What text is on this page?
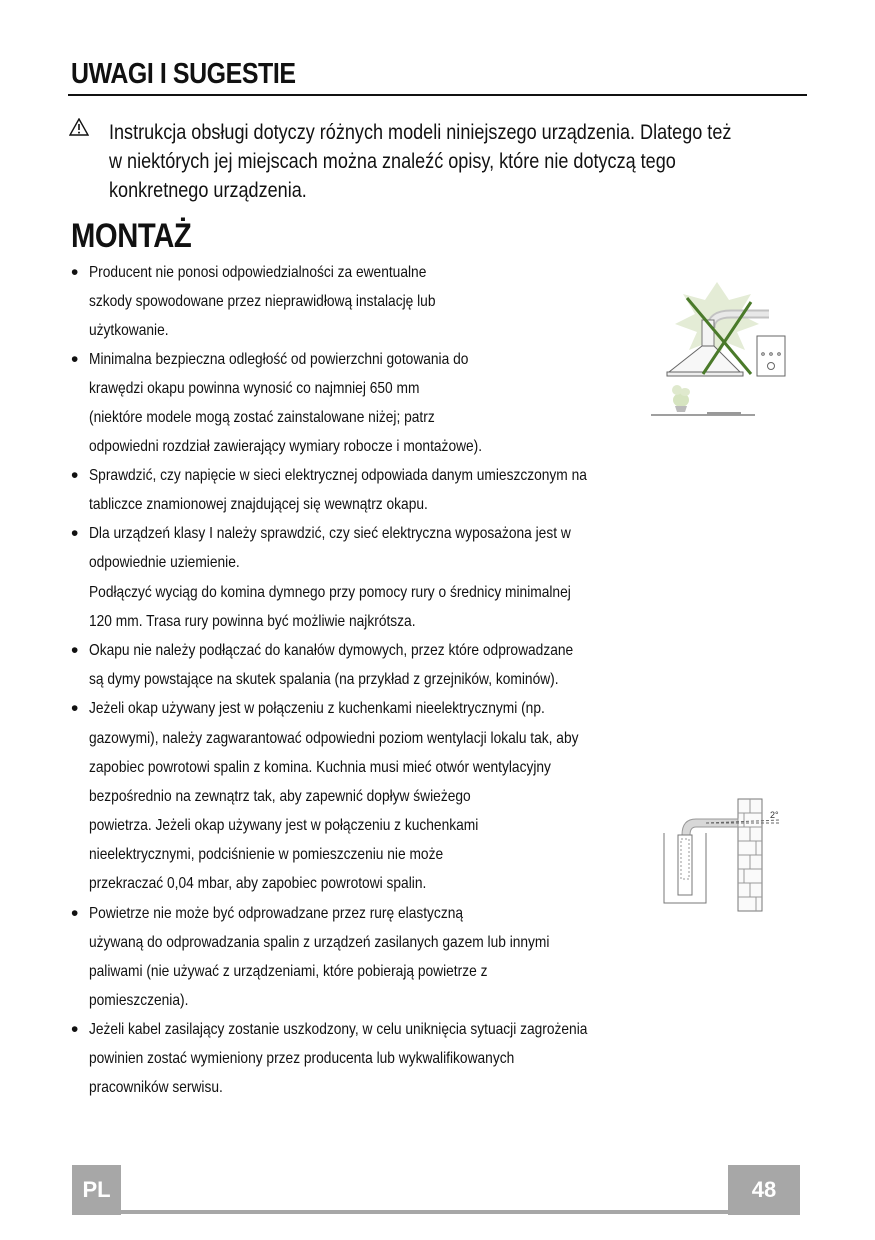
UWAGI I SUGESTIE
Instrukcja obsługi dotyczy różnych modeli niniejszego urządzenia. Dlatego też
w niektórych jej miejscach można znaleźć opisy, które nie dotyczą tego
konkretnego urządzenia.
MONTAŻ
•
•
•
•
•
•
•
•
Producent nie ponosi odpowiedzialności za ewentualne
szkody spowodowane przez nieprawidłową instalację lub
użytkowanie.
Minimalna bezpieczna odległość od powierzchni gotowania do
krawędzi okapu powinna wynosić co najmniej 650 mm
(niektóre modele mogą zostać zainstalowane niżej; patrz
odpowiedni rozdział zawierający wymiary robocze i montażowe).
Sprawdzić, czy napięcie w sieci elektrycznej odpowiada danym umieszczonym na
tabliczce znamionowej znajdującej się wewnątrz okapu.
Dla urządzeń klasy I należy sprawdzić, czy sieć elektryczna wyposażona jest w
odpowiednie uziemienie.
Podłączyć wyciąg do komina dymnego przy pomocy rury o średnicy minimalnej
120 mm. Trasa rury powinna być możliwie najkrótsza.
Okapu nie należy podłączać do kanałów dymowych, przez które odprowadzane
są dymy powstające na skutek spalania (na przykład z grzejników, kominów).
Jeżeli okap używany jest w połączeniu z kuchenkami nieelektrycznymi (np.
gazowymi), należy zagwarantować odpowiedni poziom wentylacji lokalu tak, aby
zapobiec powrotowi spalin z komina. Kuchnia musi mieć otwór wentylacyjny
bezpośrednio na zewnątrz tak, aby zapewnić dopływ świeżego
powietrza. Jeżeli okap używany jest w połączeniu z kuchenkami
nieelektrycznymi, podciśnienie w pomieszczeniu nie może
przekraczać 0,04 mbar, aby zapobiec powrotowi spalin.
Powietrze nie może być odprowadzane przez rurę elastyczną
używaną do odprowadzania spalin z urządzeń zasilanych gazem lub innymi
paliwami (nie używać z urządzeniami, które pobierają powietrze z
pomieszczenia).
Jeżeli kabel zasilający zostanie uszkodzony, w celu uniknięcia sytuacji zagrożenia
powinien zostać wymieniony przez producenta lub wykwalifikowanych
pracowników serwisu.
2°
PL	48
